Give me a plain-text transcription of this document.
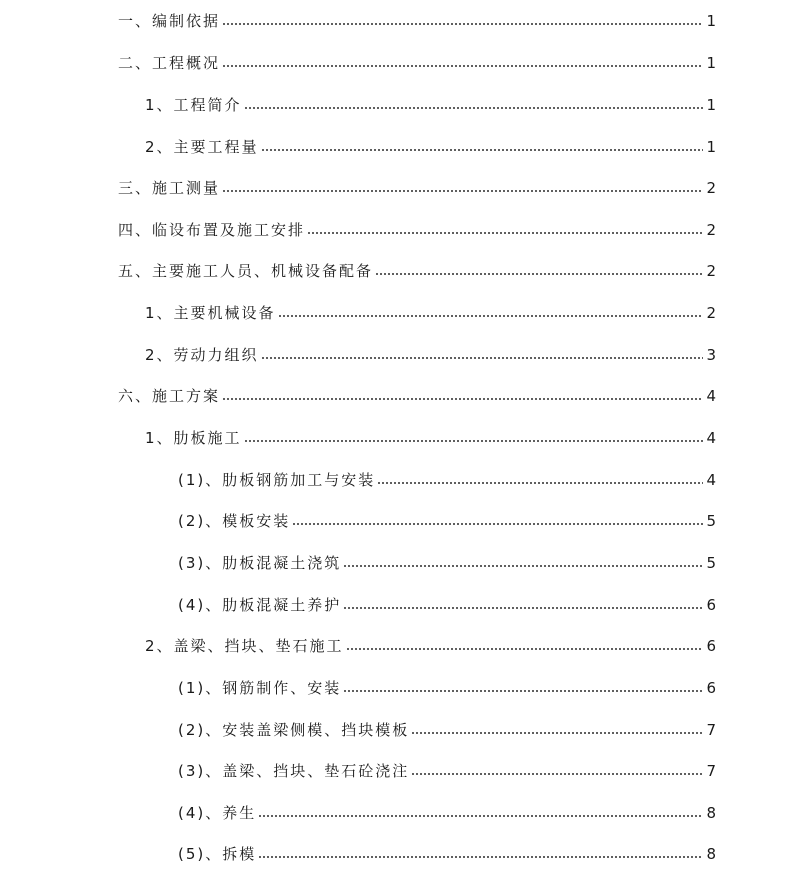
一、编制依据	1
二、工程概况	1
1、工程简介	1
2、主要工程量	1
三、施工测量	2
四、临设布置及施工安排	2
五、主要施工人员、机械设备配备	2
1、主要机械设备	2
2、劳动力组织	3
六、施工方案	4
1、肋板施工	4
(1)、肋板钢筋加工与安装	4
(2)、模板安装	5
(3)、肋板混凝土浇筑	5
(4)、肋板混凝土养护	6
2、盖梁、挡块、垫石施工	6
(1)、钢筋制作、安装	6
(2)、安装盖梁侧模、挡块模板	7
(3)、盖梁、挡块、垫石砼浇注	7
(4)、养生	8
(5)、拆模	8
